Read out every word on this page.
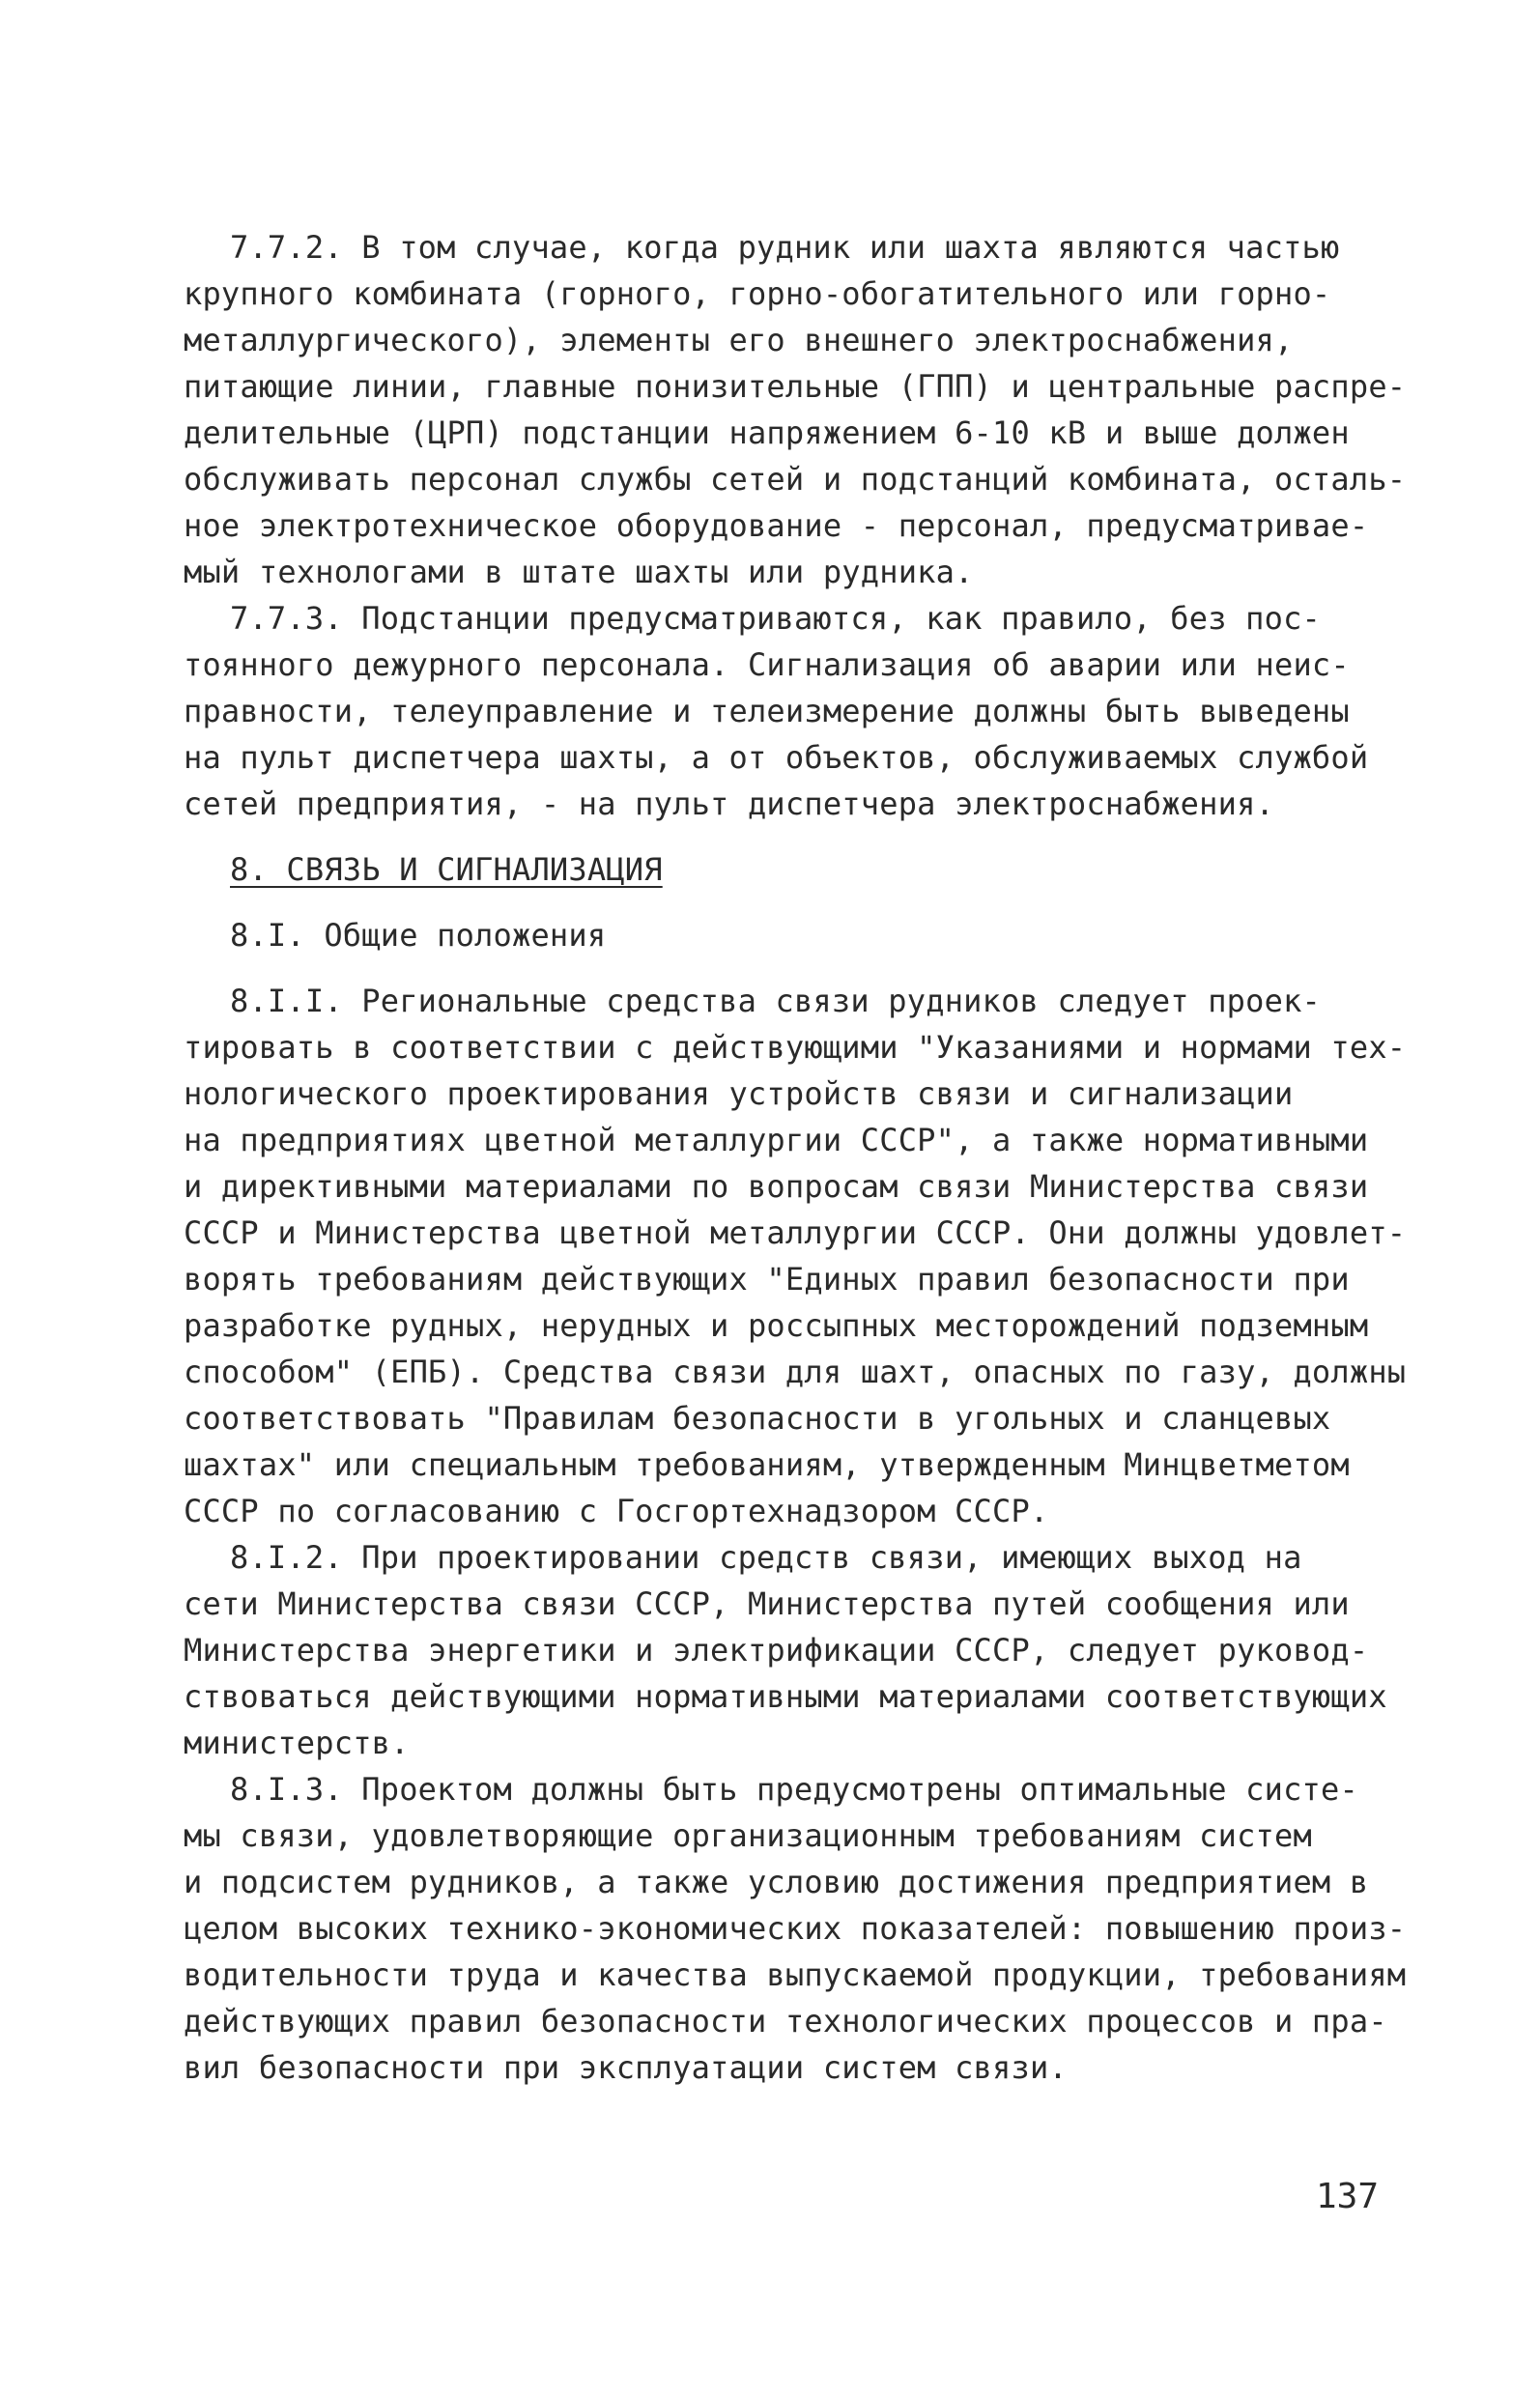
7.7.2. В том случае, когда рудник или шахта являются частью
крупного комбината (горного, горно-обогатительного или горно-
металлургического), элементы его внешнего электроснабжения,
питающие линии, главные понизительные (ГПП) и центральные распре-
делительные (ЦРП) подстанции напряжением 6-10 кВ и выше должен
обслуживать персонал службы сетей и подстанций комбината, осталь-
ное электротехническое оборудование - персонал, предусматривае-
мый технологами в штате шахты или рудника.
7.7.3. Подстанции предусматриваются, как правило, без пос-
тоянного дежурного персонала. Сигнализация об аварии или неис-
правности, телеуправление и телеизмерение должны быть выведены
на пульт диспетчера шахты, а от объектов, обслуживаемых службой
сетей предприятия, - на пульт диспетчера электроснабжения.
8. СВЯЗЬ И СИГНАЛИЗАЦИЯ
8.I. Общие положения
8.I.I. Региональные средства связи рудников следует проек-
тировать в соответствии с действующими "Указаниями и нормами тех-
нологического проектирования устройств связи и сигнализации
на предприятиях цветной металлургии СССР", а также нормативными
и директивными материалами по вопросам связи Министерства связи
СССР и Министерства цветной металлургии СССР. Они должны удовлет-
ворять требованиям действующих "Единых правил безопасности при
разработке рудных, нерудных и россыпных месторождений подземным
способом" (ЕПБ). Средства связи для шахт, опасных по газу, должны
соответствовать "Правилам безопасности в угольных и сланцевых
шахтах" или специальным требованиям, утвержденным Минцветметом
СССР по согласованию с Госгортехнадзором СССР.
8.I.2. При проектировании средств связи, имеющих выход на
сети Министерства связи СССР, Министерства путей сообщения или
Министерства энергетики и электрификации СССР, следует руковод-
ствоваться действующими нормативными материалами соответствующих
министерств.
8.I.3. Проектом должны быть предусмотрены оптимальные систе-
мы связи, удовлетворяющие организационным требованиям систем
и подсистем рудников, а также условию достижения предприятием в
целом высоких технико-экономических показателей: повышению произ-
водительности труда и качества выпускаемой продукции, требованиям
действующих правил безопасности технологических процессов и пра-
вил безопасности при эксплуатации систем связи.
137
